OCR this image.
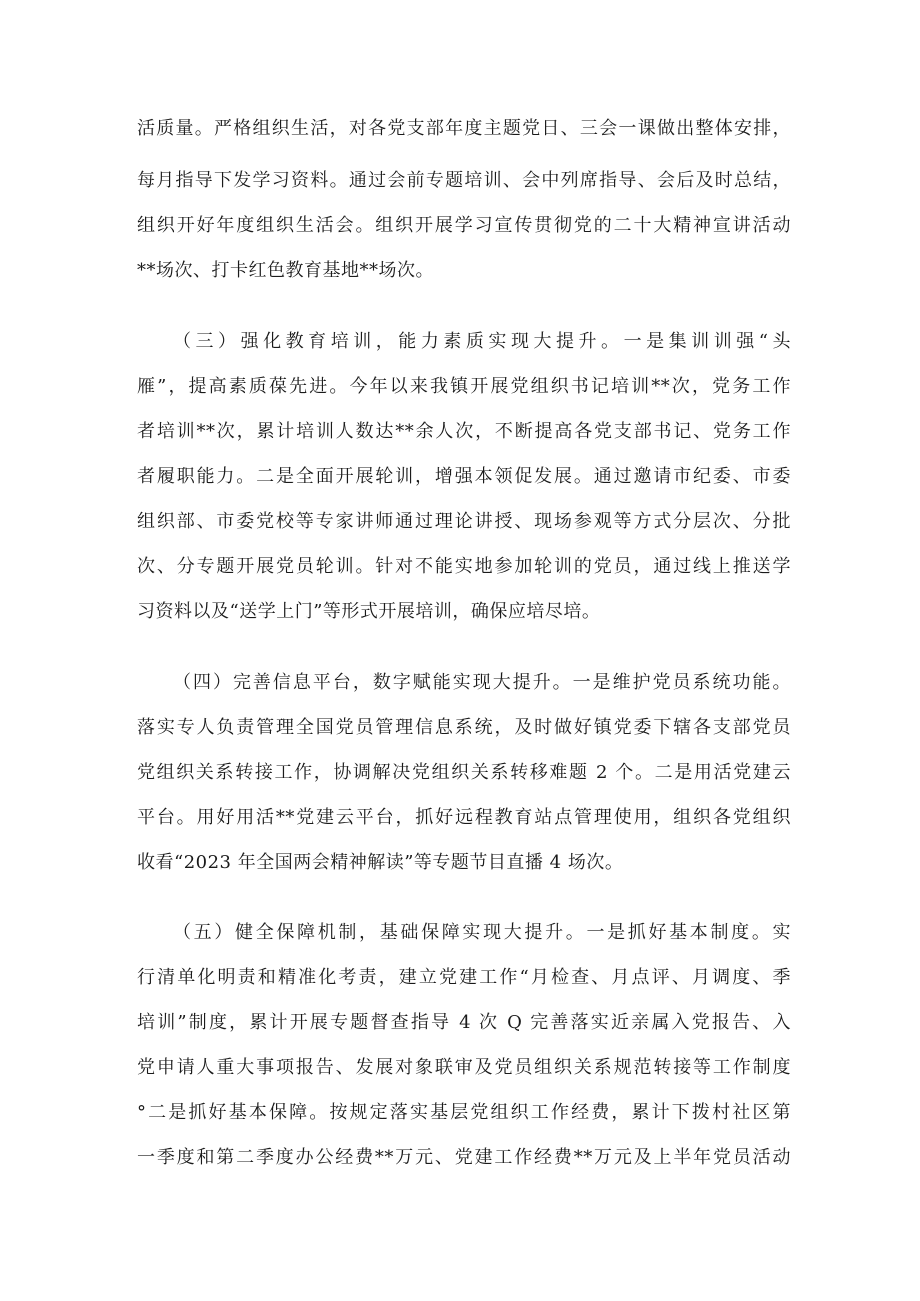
活质量。严格组织生活，对各党支部年度主题党日、三会一课做出整体安排，
每月指导下发学习资料。通过会前专题培训、会中列席指导、会后及时总结，
组织开好年度组织生活会。组织开展学习宣传贯彻党的二十大精神宣讲活动
**场次、打卡红色教育基地**场次。
（三）强化教育培训，能力素质实现大提升。一是集训训强“头
雁”，提高素质葆先进。今年以来我镇开展党组织书记培训**次，党务工作
者培训**次，累计培训人数达**余人次，不断提高各党支部书记、党务工作
者履职能力。二是全面开展轮训，增强本领促发展。通过邀请市纪委、市委
组织部、市委党校等专家讲师通过理论讲授、现场参观等方式分层次、分批
次、分专题开展党员轮训。针对不能实地参加轮训的党员，通过线上推送学
习资料以及“送学上门”等形式开展培训，确保应培尽培。
（四）完善信息平台，数字赋能实现大提升。一是维护党员系统功能。
落实专人负责管理全国党员管理信息系统，及时做好镇党委下辖各支部党员
党组织关系转接工作，协调解决党组织关系转移难题 2 个。二是用活党建云
平台。用好用活**党建云平台，抓好远程教育站点管理使用，组织各党组织
收看“2023 年全国两会精神解读”等专题节目直播 4 场次。
（五）健全保障机制，基础保障实现大提升。一是抓好基本制度。实
行清单化明责和精准化考责，建立党建工作“月检查、月点评、月调度、季
培训”制度，累计开展专题督查指导 4 次 Q 完善落实近亲属入党报告、入
党申请人重大事项报告、发展对象联审及党员组织关系规范转接等工作制度
°二是抓好基本保障。按规定落实基层党组织工作经费，累计下拨村社区第
一季度和第二季度办公经费**万元、党建工作经费**万元及上半年党员活动
